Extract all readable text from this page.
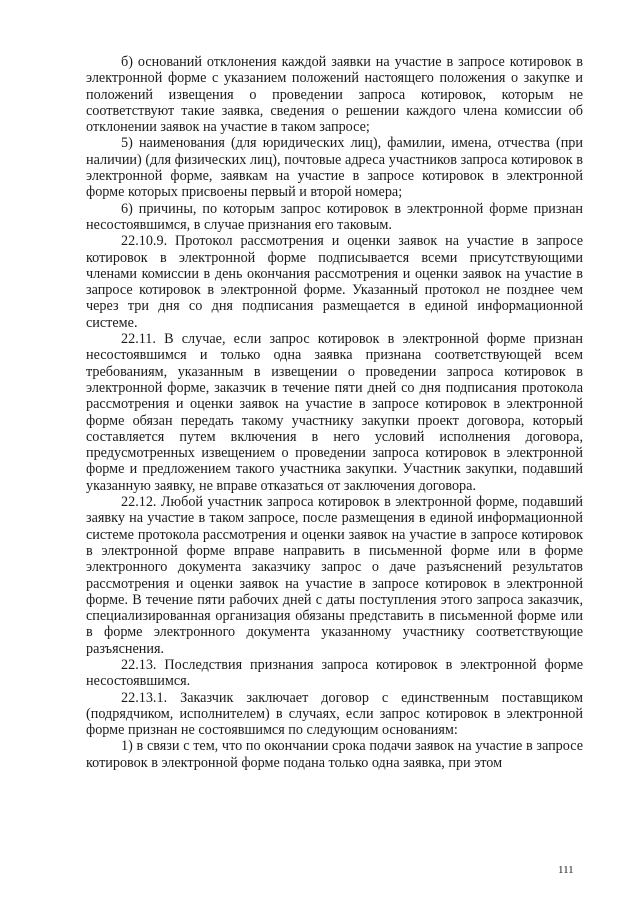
б) оснований отклонения каждой заявки на участие в запросе котировок в электронной форме с указанием положений настоящего положения о закупке и положений извещения о проведении запроса котировок, которым не соответствуют такие заявка, сведения о решении каждого члена комиссии об отклонении заявок на участие в таком запросе;

5) наименования (для юридических лиц), фамилии, имена, отчества (при наличии) (для физических лиц), почтовые адреса участников запроса котировок в электронной форме, заявкам на участие в запросе котировок в электронной форме которых присвоены первый и второй номера;

6) причины, по которым запрос котировок в электронной форме признан несостоявшимся, в случае признания его таковым.

22.10.9. Протокол рассмотрения и оценки заявок на участие в запросе котировок в электронной форме подписывается всеми присутствующими членами комиссии в день окончания рассмотрения и оценки заявок на участие в запросе котировок в электронной форме. Указанный протокол не позднее чем через три дня со дня подписания размещается в единой информационной системе.

22.11. В случае, если запрос котировок в электронной форме признан несостоявшимся и только одна заявка признана соответствующей всем требованиям, указанным в извещении о проведении запроса котировок в электронной форме, заказчик в течение пяти дней со дня подписания протокола рассмотрения и оценки заявок на участие в запросе котировок в электронной форме обязан передать такому участнику закупки проект договора, который составляется путем включения в него условий исполнения договора, предусмотренных извещением о проведении запроса котировок в электронной форме и предложением такого участника закупки. Участник закупки, подавший указанную заявку, не вправе отказаться от заключения договора.

22.12. Любой участник запроса котировок в электронной форме, подавший заявку на участие в таком запросе, после размещения в единой информационной системе протокола рассмотрения и оценки заявок на участие в запросе котировок в электронной форме вправе направить в письменной форме или в форме электронного документа заказчику запрос о даче разъяснений результатов рассмотрения и оценки заявок на участие в запросе котировок в электронной форме. В течение пяти рабочих дней с даты поступления этого запроса заказчик, специализированная организация обязаны представить в письменной форме или в форме электронного документа указанному участнику соответствующие разъяснения.

22.13. Последствия признания запроса котировок в электронной форме несостоявшимся.

22.13.1. Заказчик заключает договор с единственным поставщиком (подрядчиком, исполнителем) в случаях, если запрос котировок в электронной форме признан не состоявшимся по следующим основаниям:

1) в связи с тем, что по окончании срока подачи заявок на участие в запросе котировок в электронной форме подана только одна заявка, при этом

111
